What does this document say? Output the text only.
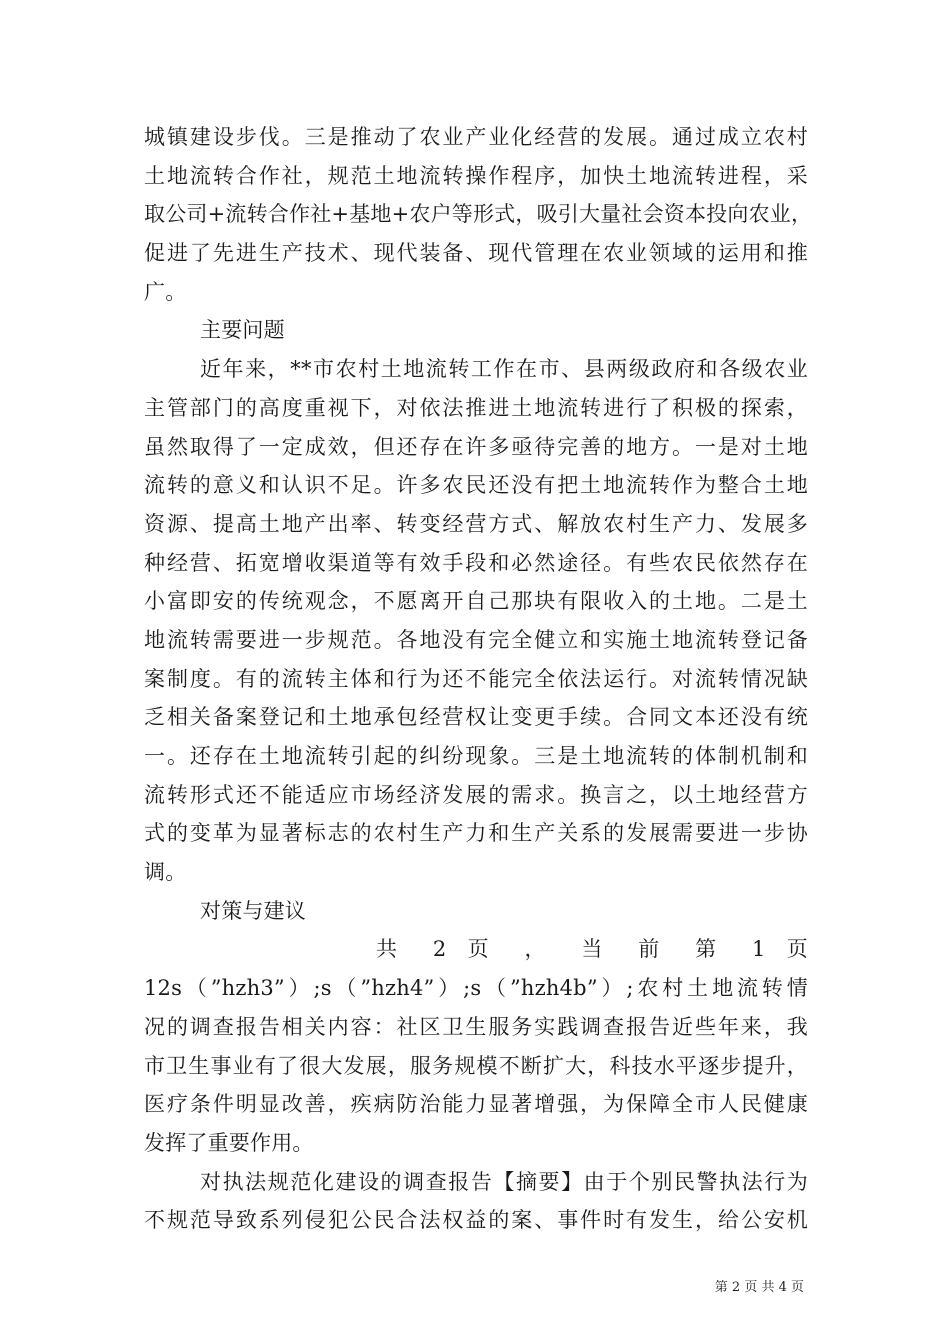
城镇建设步伐。三是推动了农业产业化经营的发展。通过成立农村
土地流转合作社，规范土地流转操作程序，加快土地流转进程，采
取公司+流转合作社+基地+农户等形式，吸引大量社会资本投向农业，
促进了先进生产技术、现代装备、现代管理在农业领域的运用和推
广。
主要问题
近年来，**市农村土地流转工作在市、县两级政府和各级农业
主管部门的高度重视下，对依法推进土地流转进行了积极的探索，
虽然取得了一定成效，但还存在许多亟待完善的地方。一是对土地
流转的意义和认识不足。许多农民还没有把土地流转作为整合土地
资源、提高土地产出率、转变经营方式、解放农村生产力、发展多
种经营、拓宽增收渠道等有效手段和必然途径。有些农民依然存在
小富即安的传统观念，不愿离开自己那块有限收入的土地。二是土
地流转需要进一步规范。各地没有完全健立和实施土地流转登记备
案制度。有的流转主体和行为还不能完全依法运行。对流转情况缺
乏相关备案登记和土地承包经营权让变更手续。合同文本还没有统
一。还存在土地流转引起的纠纷现象。三是土地流转的体制机制和
流转形式还不能适应市场经济发展的需求。换言之，以土地经营方
式的变革为显著标志的农村生产力和生产关系的发展需要进一步协
调。
对策与建议
共 2 页 ， 当 前 第 1 页
12s（”hzh3”）;s（”hzh4”）;s（”hzh4b”）;农村土地流转情
况的调查报告相关内容：社区卫生服务实践调查报告近些年来，我
市卫生事业有了很大发展，服务规模不断扩大，科技水平逐步提升，
医疗条件明显改善，疾病防治能力显著增强，为保障全市人民健康
发挥了重要作用。
对执法规范化建设的调查报告【摘要】由于个别民警执法行为
不规范导致系列侵犯公民合法权益的案、事件时有发生，给公安机
第 2 页 共 4 页
